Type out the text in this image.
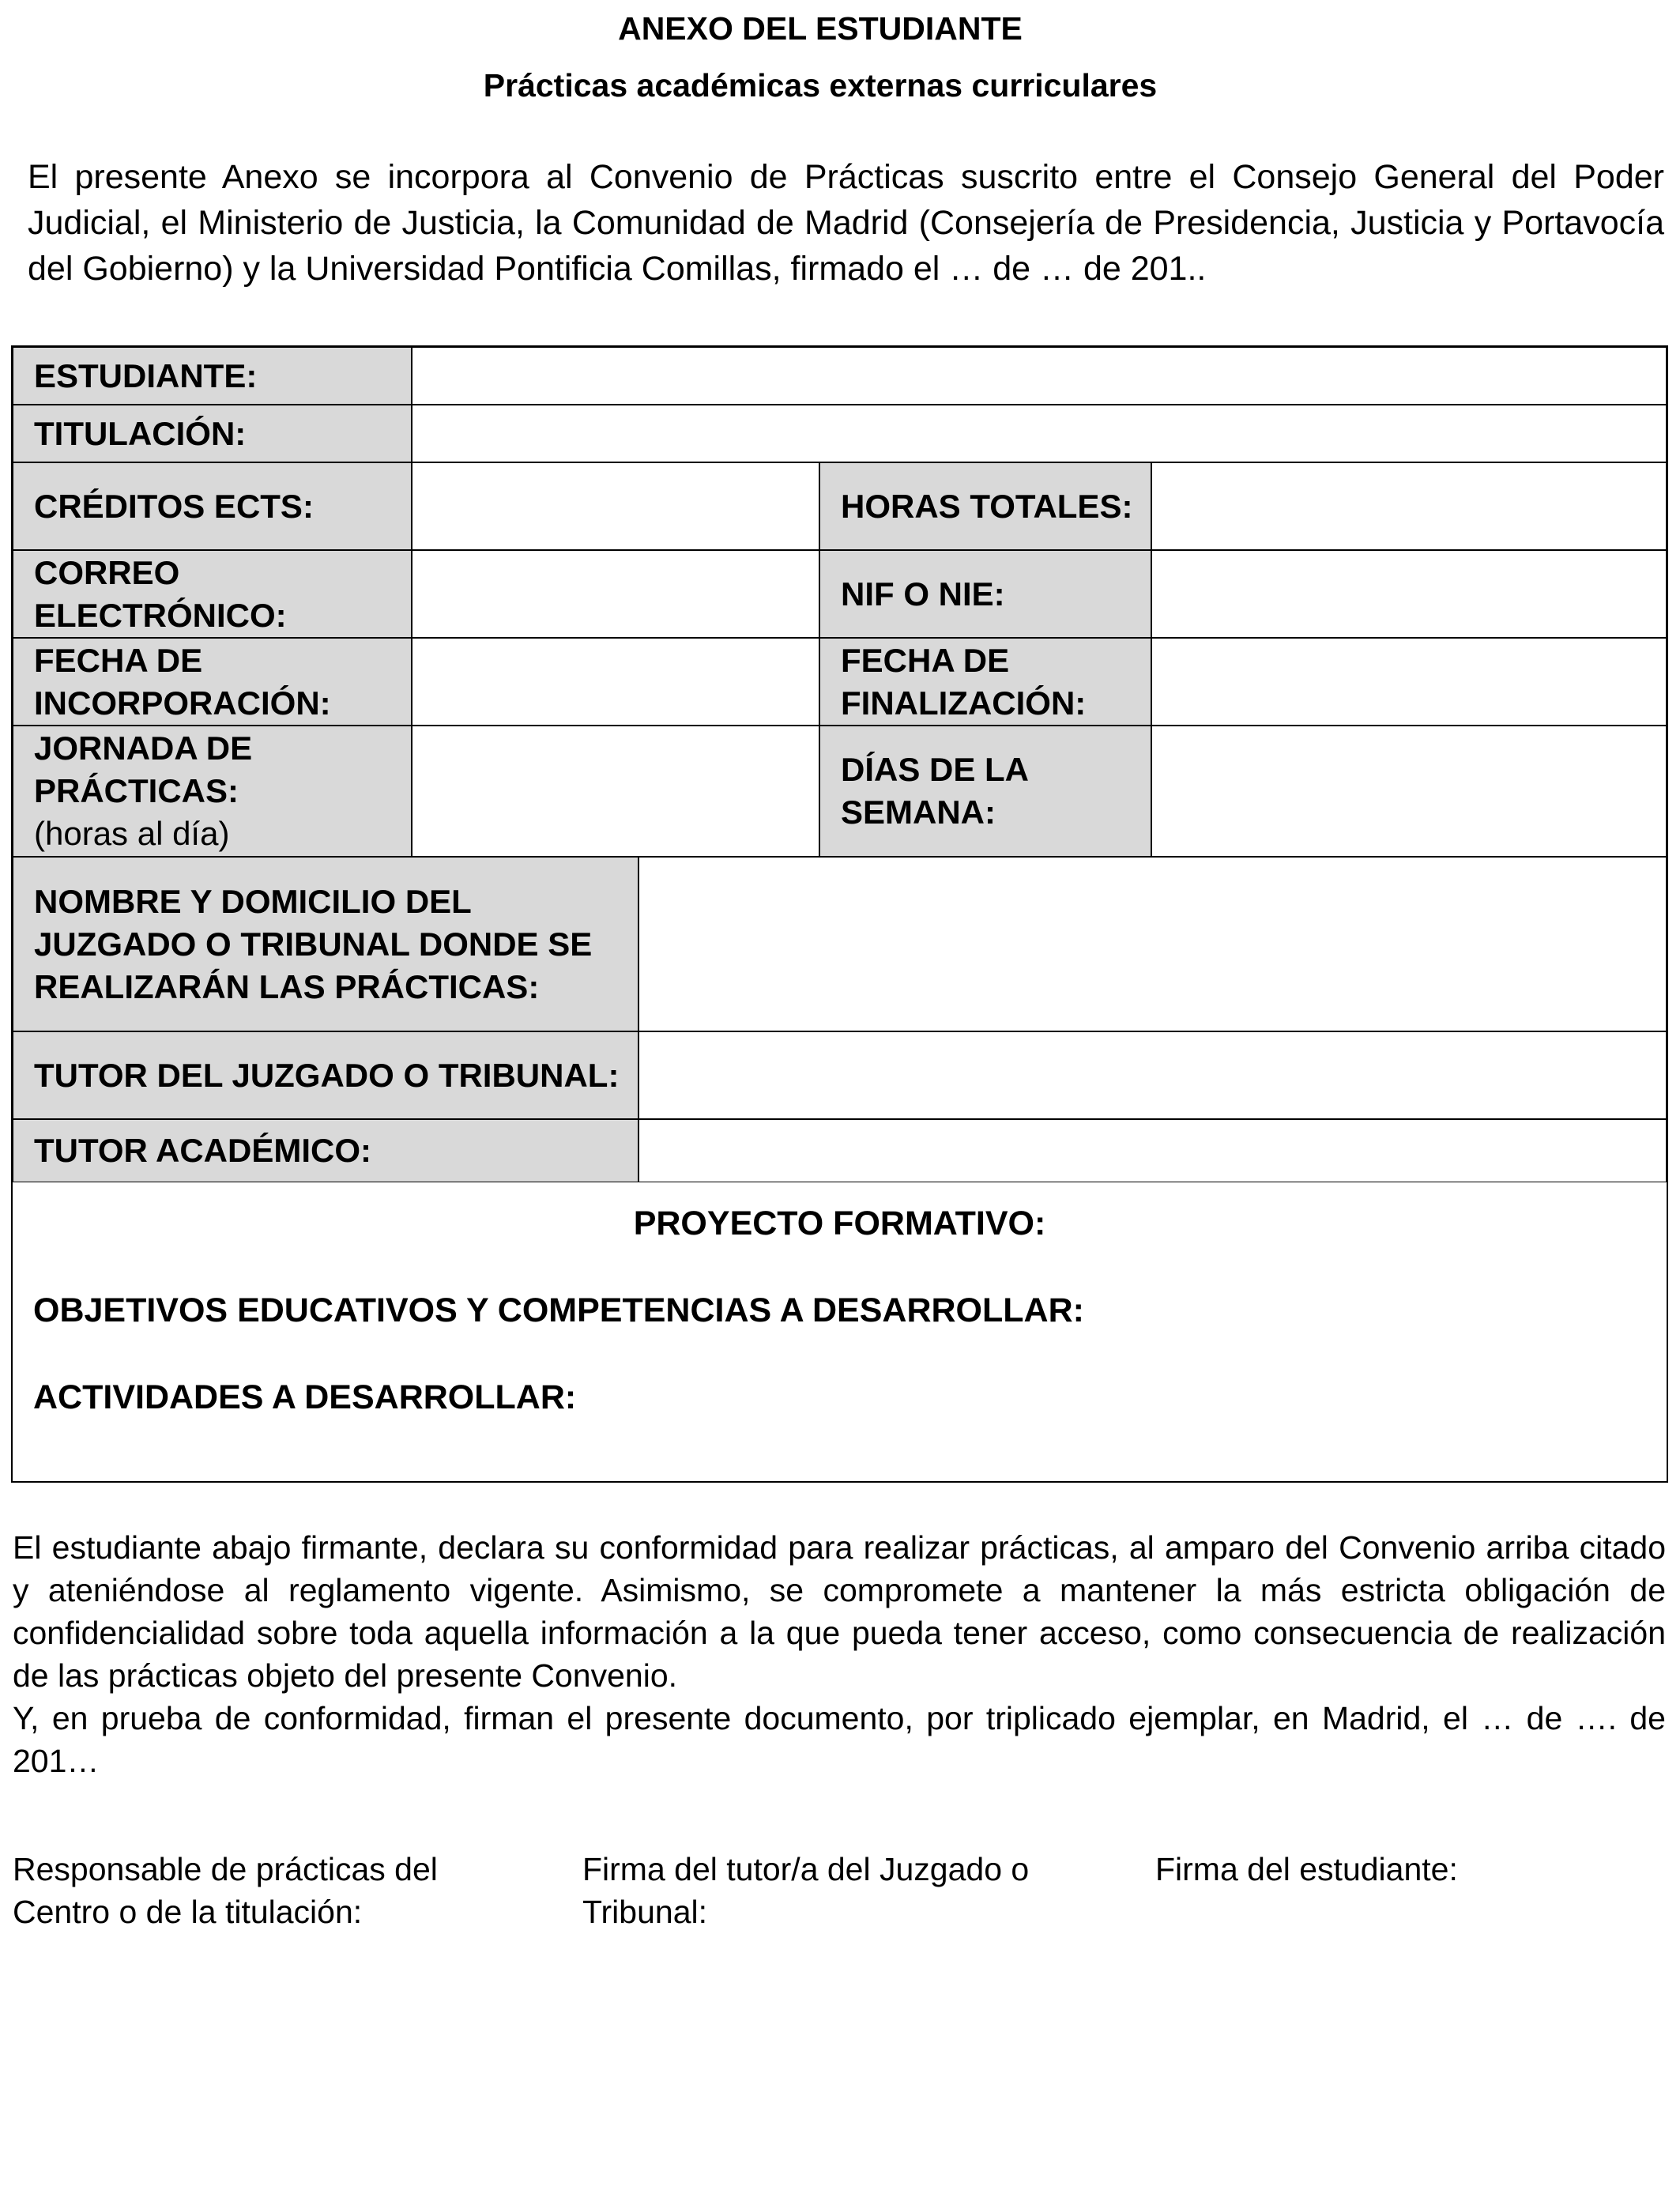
ANEXO DEL ESTUDIANTE
Prácticas académicas externas curriculares
El presente Anexo se incorpora al Convenio de Prácticas suscrito entre el Consejo General del Poder Judicial, el Ministerio de Justicia, la Comunidad de Madrid (Consejería de Presidencia, Justicia y Portavocía del Gobierno) y la Universidad Pontificia Comillas, firmado el … de … de 201..
ESTUDIANTE:
TITULACIÓN:
CRÉDITOS ECTS:	HORAS TOTALES:
CORREO ELECTRÓNICO:
NIF O NIE:
FECHA DE INCORPORACIÓN:
FECHA DE FINALIZACIÓN:
JORNADA DE PRÁCTICAS:
(horas al día)
DÍAS DE LA SEMANA:
NOMBRE Y DOMICILIO DEL JUZGADO O TRIBUNAL DONDE SE REALIZARÁN LAS PRÁCTICAS:
TUTOR DEL JUZGADO O TRIBUNAL:
TUTOR ACADÉMICO:
PROYECTO FORMATIVO:
OBJETIVOS EDUCATIVOS Y COMPETENCIAS A DESARROLLAR:
ACTIVIDADES A DESARROLLAR:

El estudiante abajo firmante, declara su conformidad para realizar prácticas, al amparo del Convenio arriba citado y ateniéndose al reglamento vigente. Asimismo, se compromete a mantener la más estricta obligación de confidencialidad sobre toda aquella información a la que pueda tener acceso, como consecuencia de realización de las prácticas objeto del presente Convenio.

Y, en prueba de conformidad, firman el presente documento, por triplicado ejemplar, en Madrid, el … de …. de 201…

Responsable de prácticas del Centro o de la titulación:
Firma del tutor/a del Juzgado o Tribunal:
Firma del estudiante:
